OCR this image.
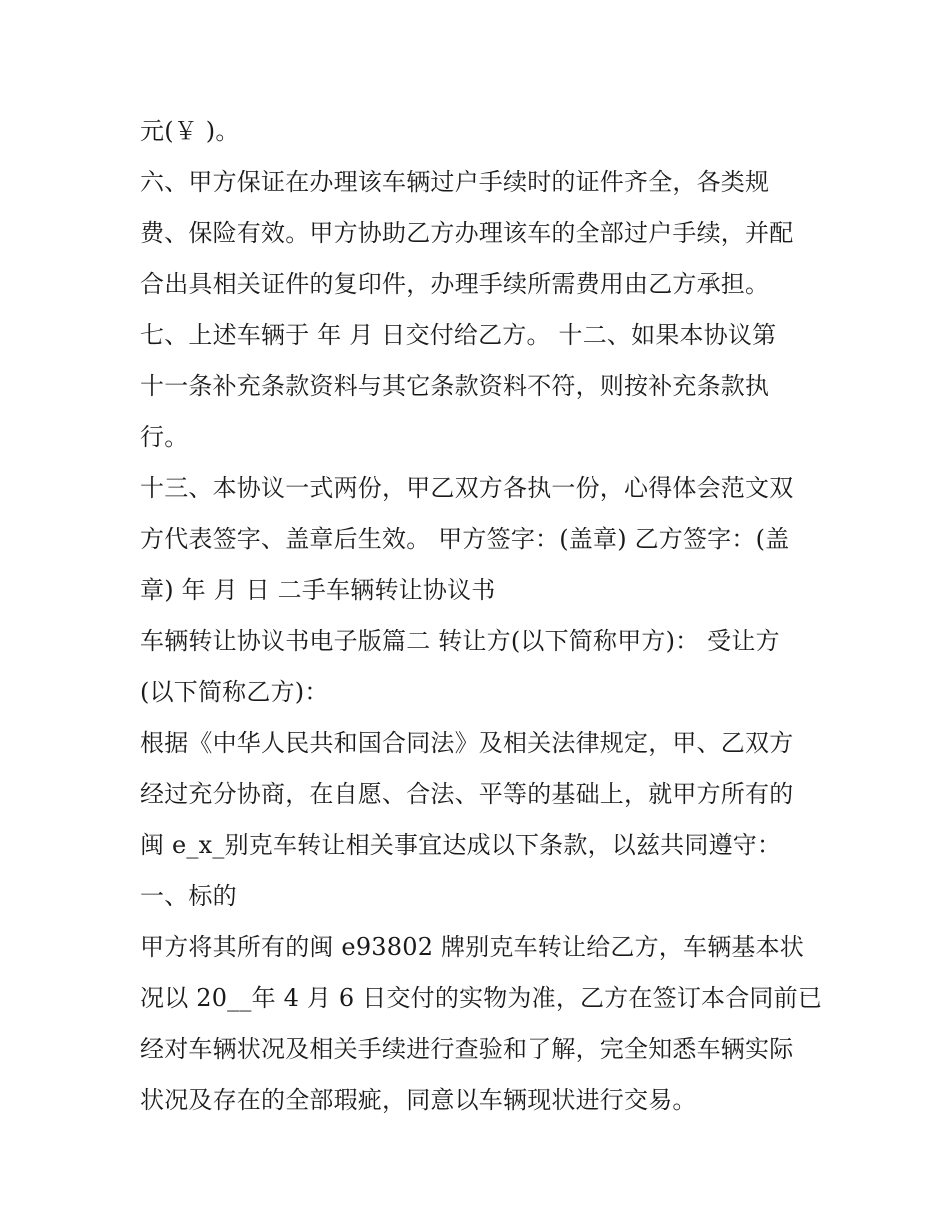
元(￥ )。
六、甲方保证在办理该车辆过户手续时的证件齐全，各类规
费、保险有效。甲方协助乙方办理该车的全部过户手续，并配
合出具相关证件的复印件，办理手续所需费用由乙方承担。
七、上述车辆于 年 月 日交付给乙方。 十二、如果本协议第
十一条补充条款资料与其它条款资料不符，则按补充条款执
行。
十三、本协议一式两份，甲乙双方各执一份，心得体会范文双
方代表签字、盖章后生效。 甲方签字：(盖章) 乙方签字：(盖
章) 年 月 日 二手车辆转让协议书
车辆转让协议书电子版篇二 转让方(以下简称甲方)： 受让方
(以下简称乙方)：
根据《中华人民共和国合同法》及相关法律规定，甲、乙双方
经过充分协商，在自愿、合法、平等的基础上，就甲方所有的
闽 e_x_别克车转让相关事宜达成以下条款，以兹共同遵守：
一、标的
甲方将其所有的闽 e93802 牌别克车转让给乙方，车辆基本状
况以 20__年 4 月 6 日交付的实物为准，乙方在签订本合同前已
经对车辆状况及相关手续进行查验和了解，完全知悉车辆实际
状况及存在的全部瑕疵，同意以车辆现状进行交易。
